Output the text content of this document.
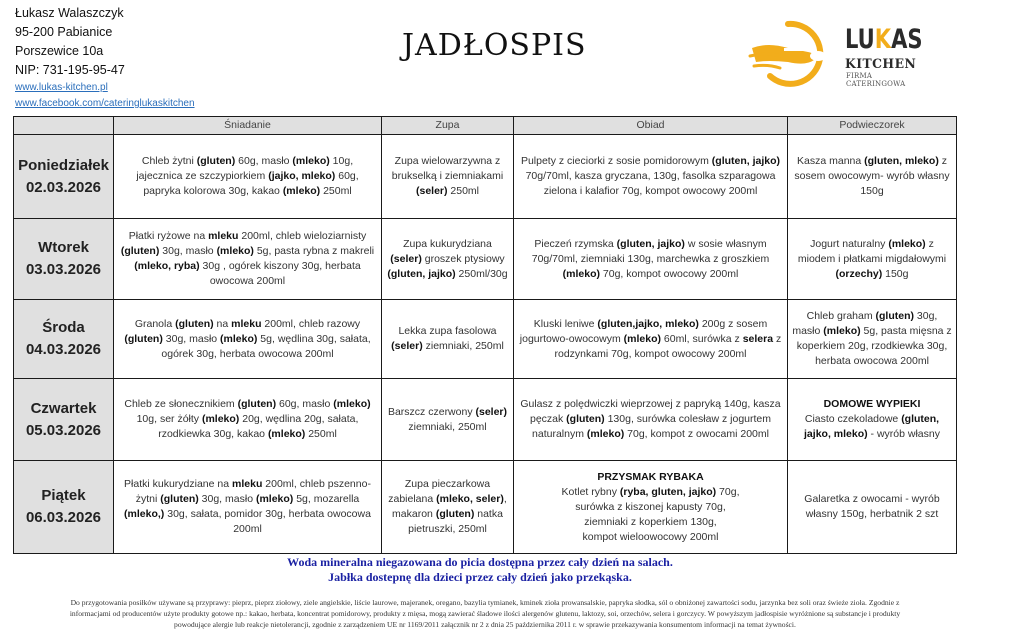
Łukasz Walaszczyk
95-200 Pabianice
Porszewice 10a
NIP: 731-195-95-47
www.lukas-kitchen.pl
www.facebook.com/cateringlukaskitchen
JADŁOSPIS	LUKAS
KITCHEN
FIRMA CATERINGOWA
	Śniadanie	Zupa	Obiad	Podwieczorek
Poniedziałek
02.03.2026	Chleb żytni (gluten) 60g, masło (mleko) 10g, jajecznica ze szczypiorkiem (jajko, mleko) 60g, papryka kolorowa 30g, kakao (mleko) 250ml	Zupa wielowarzywna z brukselką i ziemniakami (seler) 250ml	Pulpety z cieciorki z sosie pomidorowym (gluten, jajko) 70g/70ml, kasza gryczana, 130g, fasolka szparagowa zielona i kalafior 70g, kompot owocowy 200ml	Kasza manna (gluten, mleko) z sosem owocowym- wyrób własny 150g
Wtorek
03.03.2026	Płatki ryżowe na mleku 200ml, chleb wieloziarnisty (gluten) 30g, masło (mleko) 5g, pasta rybna z makreli (mleko, ryba) 30g , ogórek kiszony 30g, herbata owocowa 200ml	Zupa kukurydziana (seler) groszek ptysiowy (gluten, jajko) 250ml/30g	Pieczeń rzymska (gluten, jajko) w sosie własnym 70g/70ml, ziemniaki 130g, marchewka z groszkiem (mleko) 70g, kompot owocowy 200ml	Jogurt naturalny (mleko) z miodem i płatkami migdałowymi (orzechy) 150g
Środa
04.03.2026	Granola (gluten) na mleku 200ml, chleb razowy (gluten) 30g, masło (mleko) 5g, wędlina 30g, sałata, ogórek 30g, herbata owocowa 200ml	Lekka zupa fasolowa (seler) ziemniaki, 250ml	Kluski leniwe (gluten,jajko, mleko) 200g z sosem jogurtowo-owocowym (mleko) 60ml, surówka z selera z rodzynkami 70g, kompot owocowy 200ml	Chleb graham (gluten) 30g, masło (mleko) 5g, pasta mięsna z koperkiem 20g, rzodkiewka 30g, herbata owocowa 200ml
Czwartek
05.03.2026	Chleb ze słonecznikiem (gluten) 60g, masło (mleko) 10g, ser żółty (mleko) 20g, wędlina 20g, sałata, rzodkiewka 30g, kakao (mleko) 250ml	Barszcz czerwony (seler) ziemniaki, 250ml	Gulasz z polędwiczki wieprzowej z papryką 140g, kasza pęczak (gluten) 130g, surówka colesław z jogurtem naturalnym (mleko) 70g, kompot z owocami 200ml	DOMOWE WYPIEKI
Ciasto czekoladowe (gluten, jajko, mleko) - wyrób własny
Piątek
06.03.2026	Płatki kukurydziane na mleku 200ml, chleb pszenno-żytni (gluten) 30g, masło (mleko) 5g, mozarella (mleko,) 30g, sałata, pomidor 30g, herbata owocowa 200ml	Zupa pieczarkowa zabielana (mleko, seler), makaron (gluten) natka pietruszki, 250ml	PRZYSMAK RYBAKA
Kotlet rybny (ryba, gluten, jajko) 70g,
surówka z kiszonej kapusty 70g,
ziemniaki z koperkiem 130g,
kompot wieloowocowy 200ml	Galaretka z owocami - wyrób własny 150g, herbatnik 2 szt
Woda mineralna niegazowana do picia dostępna przez cały dzień na salach.
Jabłka dostepnę dla dzieci przez cały dzień jako przekąska.
Do przygotowania posiłków używane są przyprawy: pieprz, pieprz ziołowy, ziele angielskie, liście laurowe, majeranek, oregano, bazylia tymianek, kminek zioła prowansalskie, papryka słodka, sól o obniżonej zawartości sodu, jarzynka bez soli oraz świeże zioła. Zgodnie z
informacjami od producentów użyte produkty gotowe np.: kakao, herbata, koncentrat pomidorowy, produkty z mięsa, mogą zawierać śladowe ilości alergenów glutenu, laktozy, soi, orzechów, selera i gorczycy. W powyższym jadłospisie wyróżnione są substancje i produkty
powodujące alergie lub reakcje nietolerancji, zgodnie z zarządzeniem UE nr 1169/2011 załącznik nr 2 z dnia 25 października 2011 r. w sprawie przekazywania konsumentom informacji na temat żywności.
